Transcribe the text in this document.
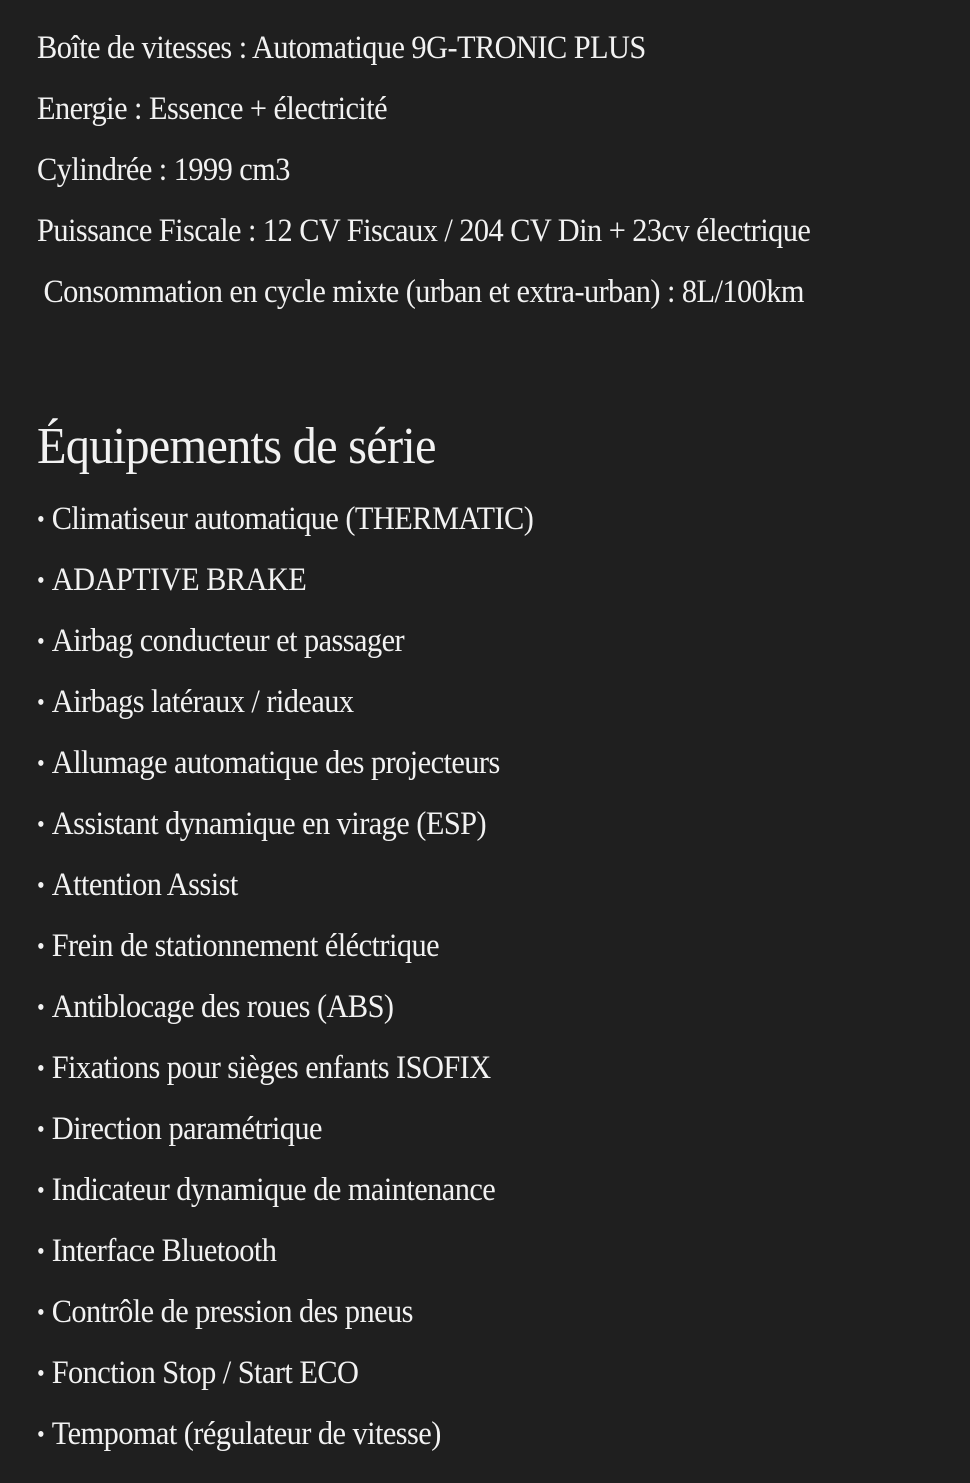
Boîte de vitesses : Automatique 9G-TRONIC PLUS
Energie : Essence + électricité
Cylindrée : 1999 cm3
Puissance Fiscale : 12 CV Fiscaux / 204 CV Din + 23cv électrique
Consommation en cycle mixte (urban et extra-urban) : 8L/100km
Équipements de série
• Climatiseur automatique (THERMATIC)
• ADAPTIVE BRAKE
• Airbag conducteur et passager
• Airbags latéraux / rideaux
• Allumage automatique des projecteurs
• Assistant dynamique en virage (ESP)
• Attention Assist
• Frein de stationnement éléctrique
• Antiblocage des roues (ABS)
• Fixations pour sièges enfants ISOFIX
• Direction paramétrique
• Indicateur dynamique de maintenance
• Interface Bluetooth
• Contrôle de pression des pneus
• Fonction Stop / Start ECO
• Tempomat (régulateur de vitesse)
